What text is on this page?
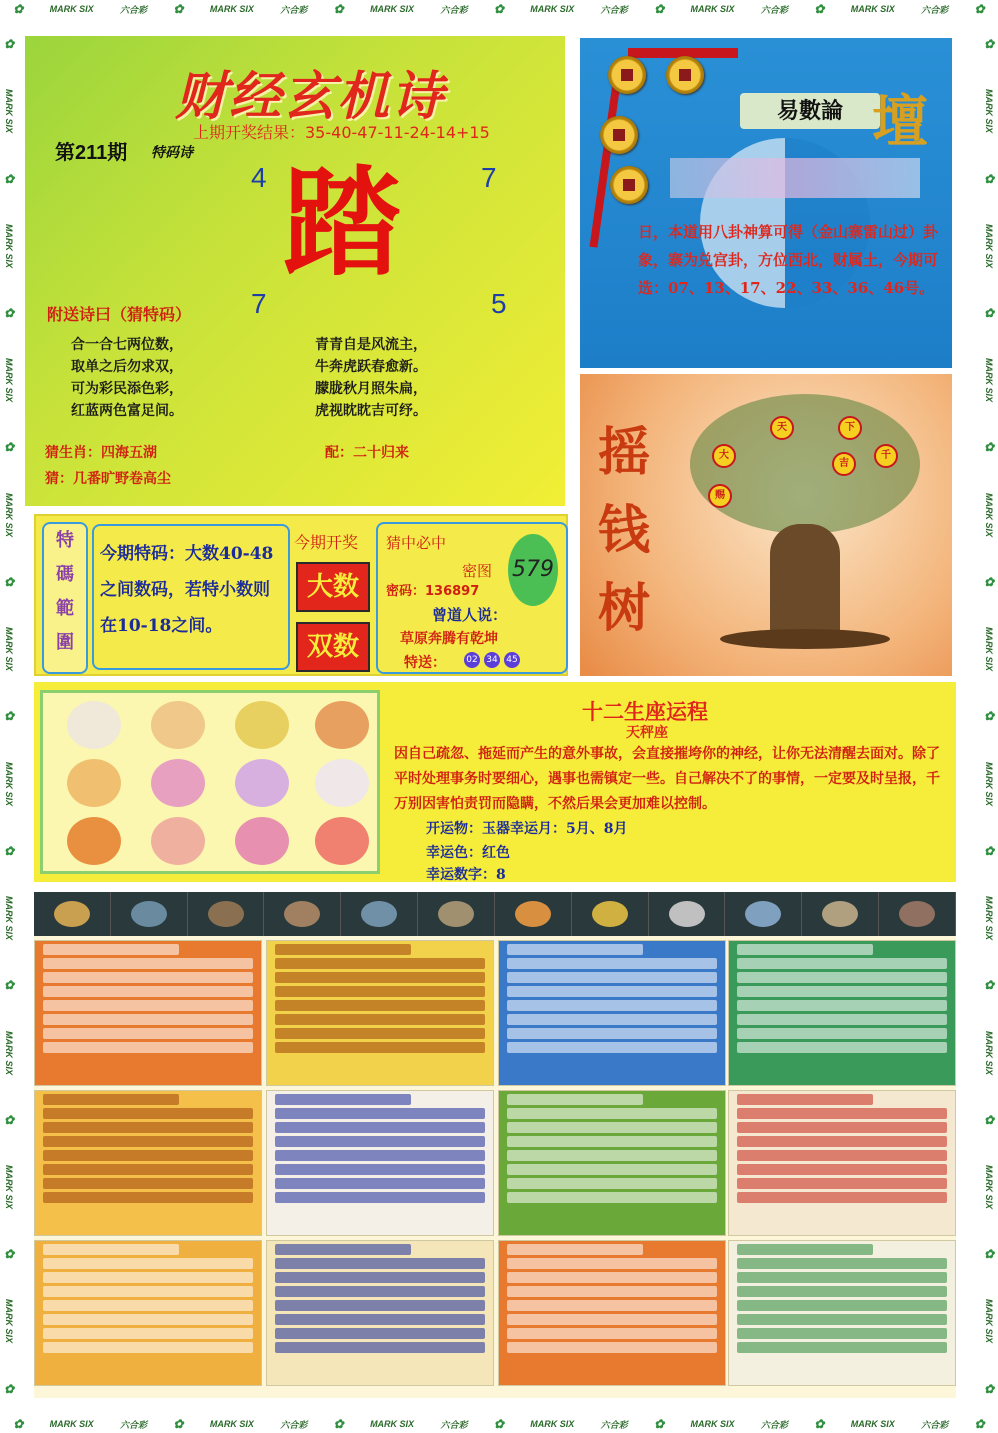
✿	MARK SIX	六合彩 ✿	MARK SIX	六合彩 ✿	MARK SIX	六合彩 ✿	MARK SIX	六合彩 ✿	MARK SIX	六合彩 ✿	MARK SIX	六合彩 ✿
✿	MARK SIX	六合彩 ✿	MARK SIX	六合彩 ✿	MARK SIX	六合彩 ✿	MARK SIX	六合彩 ✿	MARK SIX	六合彩 ✿	MARK SIX	六合彩 ✿
✿
MARK SIX
✿
MARK SIX
✿
MARK SIX
✿
MARK SIX
✿
MARK SIX
✿
MARK SIX
✿
MARK SIX
✿
MARK SIX
✿
MARK SIX
✿
MARK SIX
✿
✿
MARK SIX
✿
MARK SIX
✿
MARK SIX
✿
MARK SIX
✿
MARK SIX
✿
MARK SIX
✿
MARK SIX
✿
MARK SIX
✿
MARK SIX
✿
MARK SIX
✿
财经玄机诗
上期开奖结果：35-40-47-11-24-14+15
第211期 特码诗
4	7
7	5
踏
附送诗曰（猜特码）
合一合七两位数，
取单之后勿求双，
可为彩民添色彩，
红蓝两色富足间。
青青自是风流主，
牛奔虎跃春愈新。
朦胧秋月照朱扁，
虎视眈眈吉可纾。
猜生肖：四海五湖	配：二十归来
猜：几番旷野卷高尘
易數論 壇
日，本道用八卦神算可得（金山寨雷山过）卦象，寨为兑宫卦，方位西北，财属土，今期可选：07、13、17、22、33、36、46号。
摇
钱
树
天	下
大
吉
千
赐
特
碼
範
圍
今期特码：大数40-48
之间数码，若特小数则
在10-18之间。
今期开奖
大数
双数
猜中必中
密图 579
密码：136897
曾道人说：
草原奔腾有乾坤
特送： 02 34 45
十二生座运程
天秤座
因自己疏忽、拖延而产生的意外事故，会直接摧垮你的神经，让你无法清醒去面对。除了平时处理事务时要细心，遇事也需镇定一些。自己解决不了的事情，一定要及时呈报，千万别因害怕责罚而隐瞒，不然后果会更加难以控制。
开运物：玉器幸运月：5月、8月
幸运色：红色
幸运数字：8
